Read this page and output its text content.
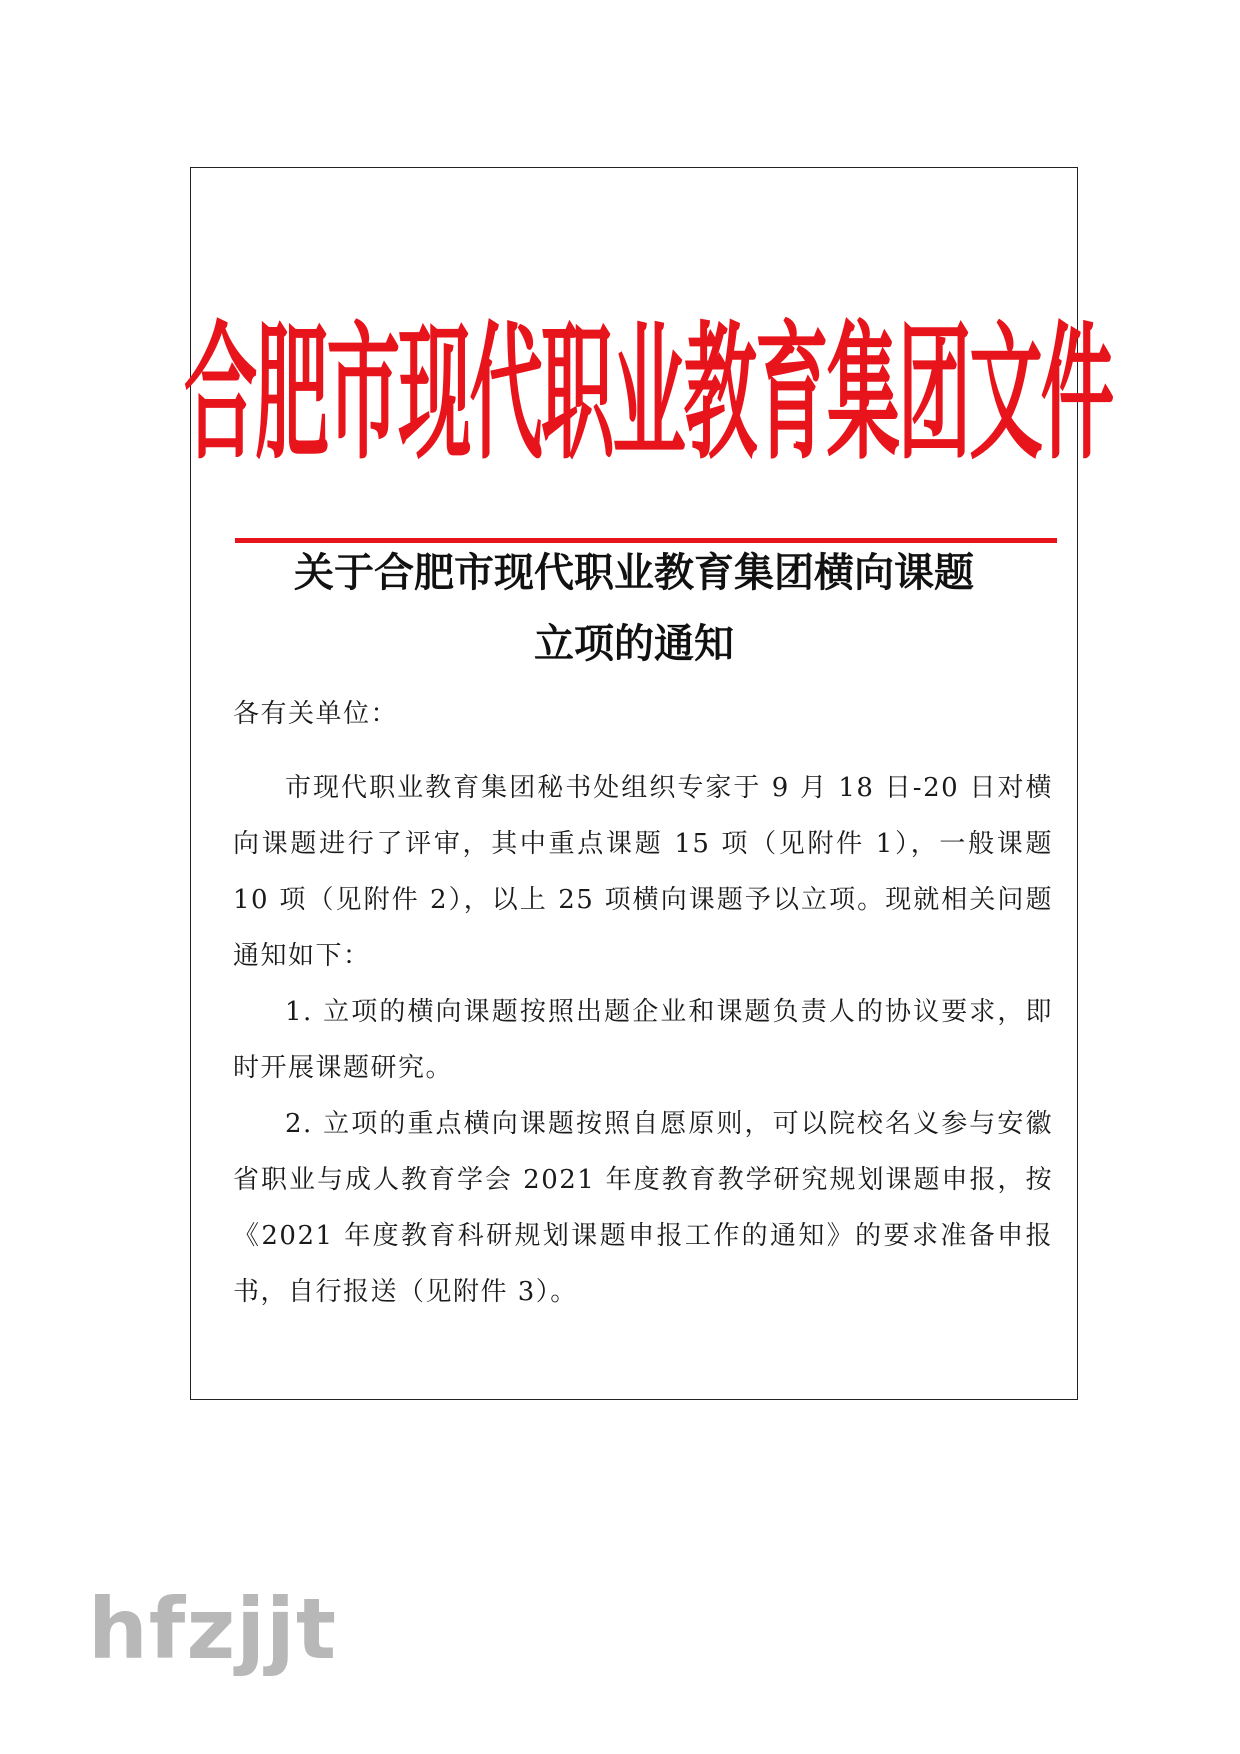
合肥市现代职业教育集团文件
关于合肥市现代职业教育集团横向课题
立项的通知
各有关单位：

市现代职业教育集团秘书处组织专家于 9 月 18 日-20 日对横向课题进行了评审，其中重点课题 15 项（见附件 1），一般课题 10 项（见附件 2），以上 25 项横向课题予以立项。现就相关问题通知如下：

1. 立项的横向课题按照出题企业和课题负责人的协议要求，即时开展课题研究。

2. 立项的重点横向课题按照自愿原则，可以院校名义参与安徽省职业与成人教育学会 2021 年度教育教学研究规划课题申报，按《2021 年度教育科研规划课题申报工作的通知》的要求准备申报书，自行报送（见附件 3）。

hfzjjt
